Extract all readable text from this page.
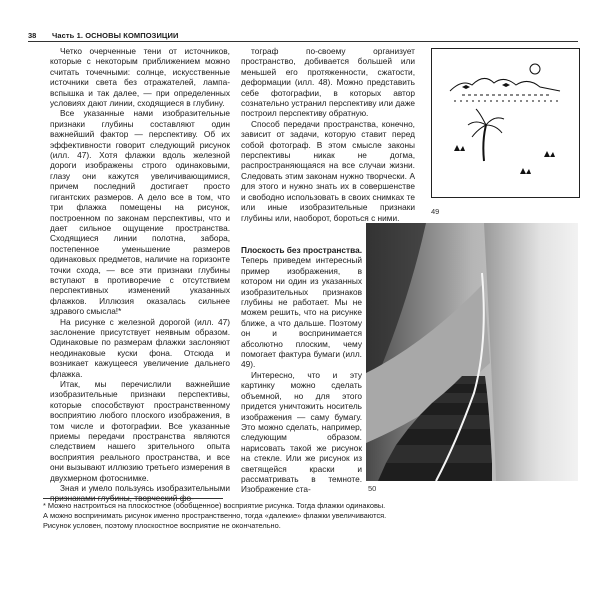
38 Часть 1. ОСНОВЫ КОМПОЗИЦИИ

Четко очерченные тени от источников, которые с некоторым приближением можно считать точечными: солнце, искусственные источники света без отражателей, лампа-вспышка и так далее, — при определенных условиях дают линии, сходящиеся в глубину.

Все указанные нами изобразительные признаки глубины составляют один важнейший фактор — перспективу. Об их эффективности говорит следующий рисунок (илл. 47). Хотя флажки вдоль железной дороги изображены строго одинаковыми, глазу они кажутся увеличивающимися, причем последний достигает просто гигантских размеров. А дело все в том, что три флажка помещены на рисунок, построенном по законам перспективы, что и дает сильное ощущение пространства. Сходящиеся линии полотна, забора, постепенное уменьшение размеров одинаковых предметов, наличие на горизонте точки схода, — все эти признаки глубины вступают в противоречие с отсутствием перспективных изменений указанных флажков. Иллюзия оказалась сильнее здравого смысла!*

На рисунке с железной дорогой (илл. 47) заслонение присутствует неявным образом. Одинаковые по размерам флажки заслоняют неодинаковые куски фона. Отсюда и возникает кажущееся увеличение дальнего флажка.

Итак, мы перечислили важнейшие изобразительные признаки перспективы, которые способствуют пространственному восприятию любого плоского изображения, в том числе и фотографии. Все указанные приемы передачи пространства являются следствием нашего зрительного опыта восприятия реального пространства, и все они вызывают иллюзию третьего измерения в двухмерном фотоснимке.

Зная и умело пользуясь изобразительными

тограф по-своему организует пространство, добивается большей или меньшей его протяженности, сжатости, деформации (илл. 48). Можно представить себе фотографии, в которых автор сознательно устранил перспективу или даже построил перспективу обратную.

Способ передачи пространства, конечно, зависит от задачи, которую ставит перед собой фотограф. В этом смысле законы перспективы никак не догма, распространяющаяся на все случаи жизни. Следовать этим законам нужно творчески. А для этого и нужно знать их в совершенстве и свободно использовать в своих снимках те или иные изобразительные признаки глубины или, наоборот, бороться с ними.

Плоскость без пространства. Теперь приведем интересный пример изображения, в котором ни один из указанных изобразительных признаков глубины не работает. Мы не можем решить, что на рисунке ближе, а что дальше. Поэтому он и воспринимается абсолютно плоским, чему помогает фактура бумаги (илл. 49).

Интересно, что и эту картинку можно сделать объемной, но для этого придется уничтожить носитель изображения — саму бумагу. Это можно сделать, например, следующим образом. нарисовать такой же рисунок на стекле. Или же рисунок из светящейся краски и рассматривать в темноте. Изображение ста-

49
50
* Можно настроиться на плоскостное (обобщенное) восприятие рисунка. Тогда флажки одинаковы.
А можно воспринимать рисунок именно пространственно, тогда «далекие» флажки увеличиваются.
Рисунок условен, поэтому плоскостное восприятие не окончательно.
